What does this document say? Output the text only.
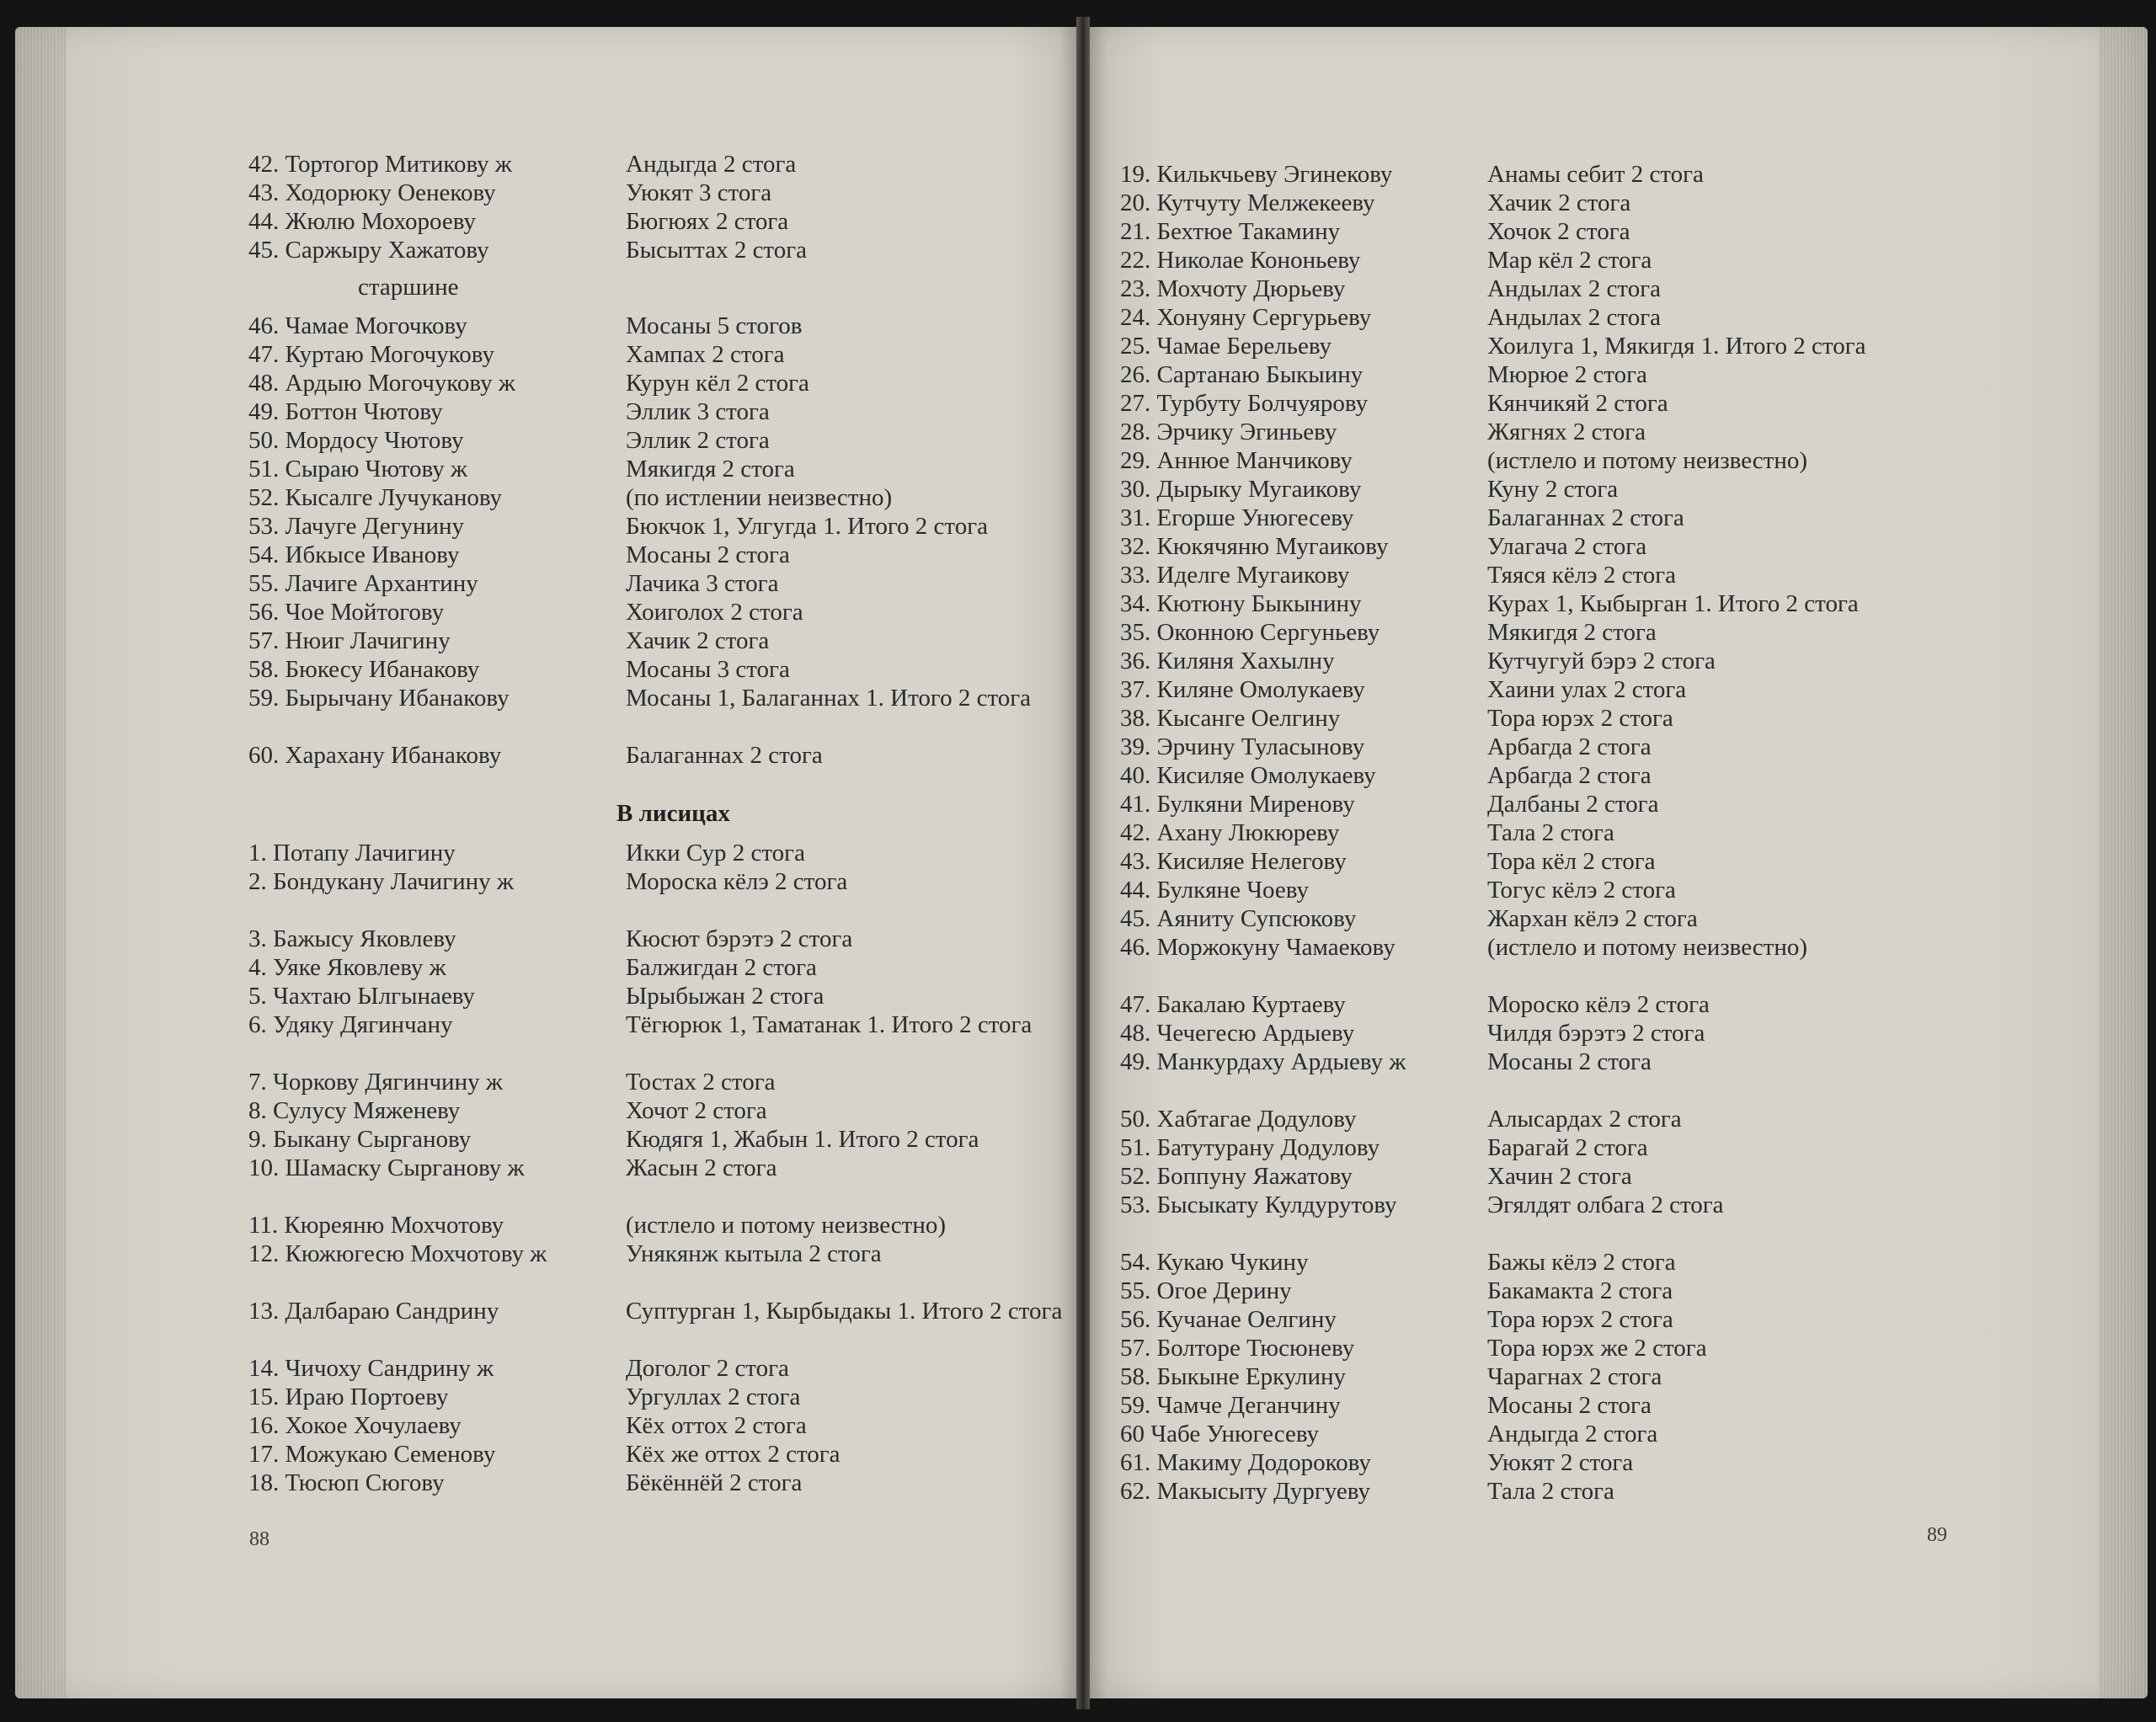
42. Тортогор Митикову ж
43. Ходорюку Оенекову
44. Жюлю Мохороеву
45. Саржыру Хажатову
46. Чамае Могочкову
47. Куртаю Могочукову
48. Ардыю Могочукову ж
49. Боттон Чютову
50. Мордосу Чютову
51. Сыраю Чютову ж
52. Кысалге Лучуканову
53. Лачуге Дегунину
54. Ибкысе Иванову
55. Лачиге Архантину
56. Чое Мойтогову
57. Нюиг Лачигину
58. Бюкесу Ибанакову
59. Бырычану Ибанакову
60. Харахану Ибанакову
1. Потапу Лачигину
2. Бондукану Лачигину ж
3. Бажысу Яковлеву
4. Уяке Яковлеву ж
5. Чахтаю Ылгынаеву
6. Удяку Дягинчану
7. Чоркову Дягинчину ж
8. Сулусу Мяженеву
9. Быкану Сырганову
10. Шамаску Сырганову ж
11. Кюреяню Мохчотову
12. Кюжюгесю Мохчотову ж
13. Далбараю Сандрину
14. Чичоху Сандрину ж
15. Ираю Портоеву
16. Хокое Хочулаеву
17. Можукаю Семенову
18. Тюсюп Сюгову
Андыгда 2 стога
Уюкят 3 стога
Бюгюях 2 стога
Бысыттах 2 стога
Мосаны 5 стогов
Хампах 2 стога
Курун кёл 2 стога
Эллик 3 стога
Эллик 2 стога
Мякигдя 2 стога
(по истлении неизвестно)
Бюкчок 1, Улгугда 1. Итого 2 стога
Мосаны 2 стога
Лачика 3 стога
Хоиголох 2 стога
Хачик 2 стога
Мосаны 3 стога
Мосаны 1, Балаганнах 1. Итого 2 стога
Балаганнах 2 стога
Икки Сур 2 стога
Мороска кёлэ 2 стога
Кюсют бэрэтэ 2 стога
Балжигдан 2 стога
Ырыбыжан 2 стога
Тёгюрюк 1, Таматанак 1. Итого 2 стога
Тостах 2 стога
Хочот 2 стога
Кюдягя 1, Жабын 1. Итого 2 стога
Жасын 2 стога
(истлело и потому неизвестно)
Унякянж кытыла 2 стога
Суптурган 1, Кырбыдакы 1. Итого 2 стога
Доголог 2 стога
Ургуллах 2 стога
Кёх оттох 2 стога
Кёх же оттох 2 стога
Бёкённёй 2 стога
старшине
В лисицах
88
19. Килькчьеву Эгинекову
20. Кутчуту Мелжекееву
21. Бехтюе Такамину
22. Николае Кононьеву
23. Мохчоту Дюрьеву
24. Хонуяну Сергурьеву
25. Чамае Берельеву
26. Сартанаю Быкыину
27. Турбуту Болчуярову
28. Эрчику Эгиньеву
29. Аннюе Манчикову
30. Дырыку Мугаикову
31. Егорше Унюгесеву
32. Кюкячяню Мугаикову
33. Иделге Мугаикову
34. Кютюну Быкынину
35. Оконною Сергуньеву
36. Киляня Хахылну
37. Киляне Омолукаеву
38. Кысанге Оелгину
39. Эрчину Туласынову
40. Кисиляе Омолукаеву
41. Булкяни Миренову
42. Ахану Люкюреву
43. Кисиляе Нелегову
44. Булкяне Чоеву
45. Аяниту Супсюкову
46. Моржокуну Чамаекову
47. Бакалаю Куртаеву
48. Чечегесю Ардыеву
49. Манкурдаху Ардыеву ж
50. Хабтагае Додулову
51. Батутурану Додулову
52. Боппуну Яажатову
53. Бысыкату Кулдурутову
54. Кукаю Чукину
55. Огое Дерину
56. Кучанае Оелгину
57. Болторе Тюсюневу
58. Быкыне Еркулину
59. Чамче Деганчину
60 Чабе Унюгесеву
61. Макиму Додорокову
62. Макысыту Дургуеву
Анамы себит 2 стога
Хачик 2 стога
Хочок 2 стога
Мар кёл 2 стога
Андылах 2 стога
Андылах 2 стога
Хоилуга 1, Мякигдя 1. Итого 2 стога
Мюрюе 2 стога
Кянчикяй 2 стога
Жягнях 2 стога
(истлело и потому неизвестно)
Куну 2 стога
Балаганнах 2 стога
Улагача 2 стога
Тяяся кёлэ 2 стога
Курах 1, Кыбырган 1. Итого 2 стога
Мякигдя 2 стога
Кутчугуй бэрэ 2 стога
Хаини улах 2 стога
Тора юрэх 2 стога
Арбагда 2 стога
Арбагда 2 стога
Далбаны 2 стога
Тала 2 стога
Тора кёл 2 стога
Тогус кёлэ 2 стога
Жархан кёлэ 2 стога
(истлело и потому неизвестно)
Мороско кёлэ 2 стога
Чилдя бэрэтэ 2 стога
Мосаны 2 стога
Алысардах 2 стога
Барагай 2 стога
Хачин 2 стога
Эгялдят олбага 2 стога
Бажы кёлэ 2 стога
Бакамакта 2 стога
Тора юрэх 2 стога
Тора юрэх же 2 стога
Чарагнах 2 стога
Мосаны 2 стога
Андыгда 2 стога
Уюкят 2 стога
Тала 2 стога
89
